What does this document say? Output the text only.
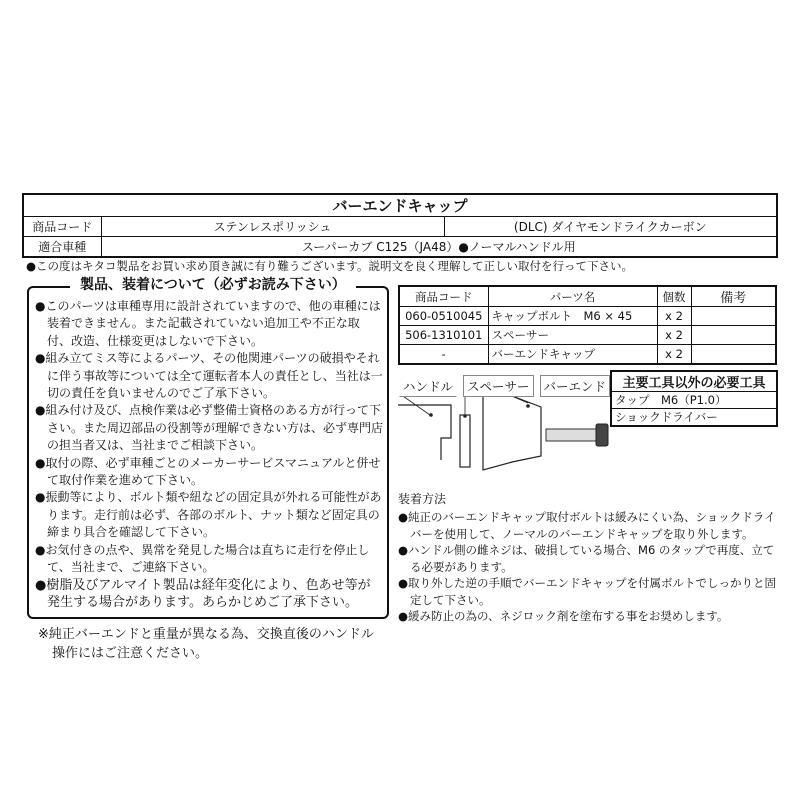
バーエンドキャップ		
商品コード	ステンレスポリッシュ	(DLC) ダイヤモンドライクカーボン
適合車種	スーパーカブ C125（JA48）●ノーマルハンドル用	
●この度はキタコ製品をお買い求め頂き誠に有り難うございます。説明文を良く理解して正しい取付を行って下さい。
●このパーツは車種専用に設計されていますので、他の車種には装着できません。また記載されていない追加工や不正な取付、改造、仕様変更はしないで下さい。
●組み立てミス等によるパーツ、その他関連パーツの破損やそれに伴う事故等については全て運転者本人の責任とし、当社は一切の責任を負いませんのでご了承下さい。
●組み付け及び、点検作業は必ず整備士資格のある方が行って下さい。また周辺部品の役割等が理解できない方は、必ず専門店の担当者又は、当社までご相談下さい。
●取付の際、必ず車種ごとのメーカーサービスマニュアルと併せて取付作業を進めて下さい。
●振動等により、ボルト類や紐などの固定具が外れる可能性があります。走行前は必ず、各部のボルト、ナット類など固定具の締まり具合を確認して下さい。
●お気付きの点や、異常を発見した場合は直ちに走行を停止して、当社まで、ご連絡下さい。
●樹脂及びアルマイト製品は経年変化により、色あせ等が発生する場合があります。あらかじめご了承下さい。
製品、装着について（必ずお読み下さい）
※純正バーエンドと重量が異なる為、交換直後のハンドル操作にはご注意ください。
商品コード	パーツ名	個数	備考
060-0510045	キャップボルト　M6 × 45	x 2	
506-1310101	スペーサー	x 2	
-	バーエンドキャップ	x 2	
ハンドル	スペーサー	バーエンド	主要工具以外の必要工具
タップ　M6（P1.0）
ショックドライバー
装着方法
●純正のバーエンドキャップ取付ボルトは緩みにくい為、ショックドライバーを使用して、ノーマルのバーエンドキャップを取り外します。
●ハンドル側の雌ネジは、破損している場合、M6 のタップで再度、立てる必要があります。
●取り外した逆の手順でバーエンドキャップを付属ボルトでしっかりと固定して下さい。
●緩み防止の為の、ネジロック剤を塗布する事をお奨めします。
